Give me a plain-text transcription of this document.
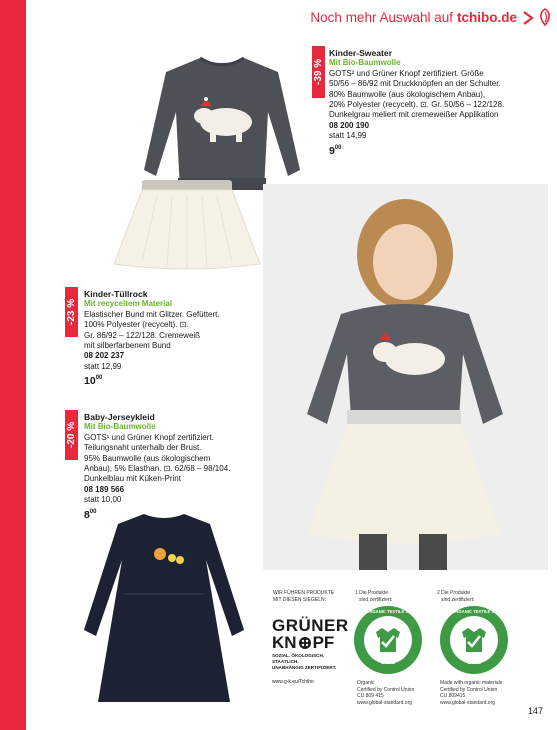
Noch mehr Auswahl auf tchibo.de
-39 %
-23 %
-20 %
Kinder-Sweater
Mit Bio-Baumwolle
GOTS² und Grüner Knopf zertifiziert. Größe
50/56 – 86/92 mit Druckknöpfen an der Schulter.
80% Baumwolle (aus ökologischem Anbau),
20% Polyester (recycelt). ⊡. Gr. 50/56 – 122/128.
Dunkelgrau meliert mit cremeweißer Applikation
08 200 190
statt 14,99
$9^{00}$
Kinder-Tüllrock
Mit recyceltem Material
Elastischer Bund mit Glitzer. Gefüttert.
100% Polyester (recycelt). ⊡.
Gr. 86/92 – 122/128. Cremeweiß
mit silberfarbenem Bund
08 202 237
statt 12,99
$10^{00}$
Baby-Jerseykleid
Mit Bio-Baumwolle
GOTS¹ und Grüner Knopf zertifiziert.
Teilungsnaht unterhalb der Brust.
95% Baumwolle (aus ökologischem
Anbau), 5% Elasthan. ⊡. 62/68 – 98/104.
Dunkelblau mit Küken-Print
08 189 566
statt 10,00
$8^{00}$
WIR FÜHREN PRODUKTE
MIT DIESEN SIEGELN:
GRÜNER
KN PF
SOZIAL. ÖKOLOGISCH. STAATLICH.
UNABHÄNGIG ZERTIFIZIERT.
www.g-k.eu/Tchibo
1 Die Produkte
sind zertifiziert:
GOTS
GLOBAL ORGANIC TEXTILE STANDARD
Organic
Certified by Control Union
CU 809 415
www.global-standard.org
2 Die Produkte
sind zertifiziert:
GOTS
GLOBAL ORGANIC TEXTILE STANDARD
Made with organic materials
Certified by Control Union
CU 809415
www.global-standard.org
147
